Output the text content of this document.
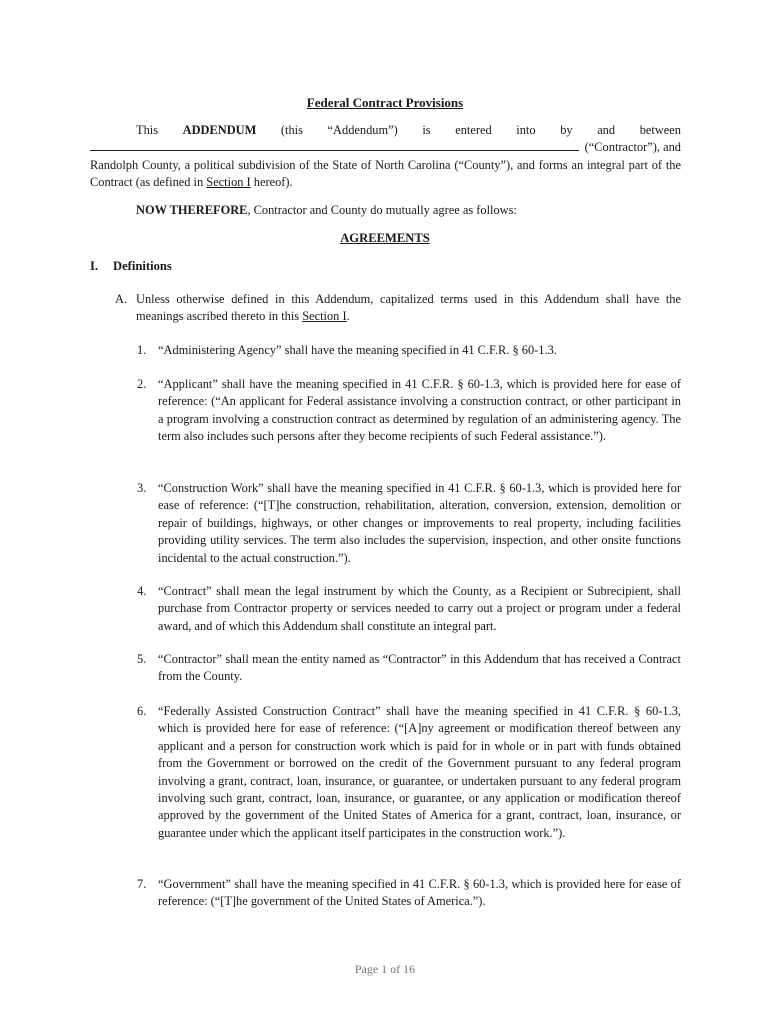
Federal Contract Provisions
This ADDENDUM (this “Addendum”) is entered into by and between
(“Contractor”), and
Randolph County, a political subdivision of the State of North Carolina (“County”), and forms an integral part of the Contract (as defined in Section I hereof).
NOW THEREFORE, Contractor and County do mutually agree as follows:
AGREEMENTS
I. Definitions
A. Unless otherwise defined in this Addendum, capitalized terms used in this Addendum shall have the meanings ascribed thereto in this Section I.
1. “Administering Agency” shall have the meaning specified in 41 C.F.R. § 60-1.3.
2. “Applicant” shall have the meaning specified in 41 C.F.R. § 60-1.3, which is provided here for ease of reference: (“An applicant for Federal assistance involving a construction contract, or other participant in a program involving a construction contract as determined by regulation of an administering agency. The term also includes such persons after they become recipients of such Federal assistance.”).
3. “Construction Work” shall have the meaning specified in 41 C.F.R. § 60-1.3, which is provided here for ease of reference: (“[T]he construction, rehabilitation, alteration, conversion, extension, demolition or repair of buildings, highways, or other changes or improvements to real property, including facilities providing utility services. The term also includes the supervision, inspection, and other onsite functions incidental to the actual construction.”).
4. “Contract” shall mean the legal instrument by which the County, as a Recipient or Subrecipient, shall purchase from Contractor property or services needed to carry out a project or program under a federal award, and of which this Addendum shall constitute an integral part.
5. “Contractor” shall mean the entity named as “Contractor” in this Addendum that has received a Contract from the County.
6. “Federally Assisted Construction Contract” shall have the meaning specified in 41 C.F.R. § 60-1.3, which is provided here for ease of reference: (“[A]ny agreement or modification thereof between any applicant and a person for construction work which is paid for in whole or in part with funds obtained from the Government or borrowed on the credit of the Government pursuant to any federal program involving a grant, contract, loan, insurance, or guarantee, or undertaken pursuant to any federal program involving such grant, contract, loan, insurance, or guarantee, or any application or modification thereof approved by the government of the United States of America for a grant, contract, loan, insurance, or guarantee under which the applicant itself participates in the construction work.”).
7. “Government” shall have the meaning specified in 41 C.F.R. § 60-1.3, which is provided here for ease of reference: (“[T]he government of the United States of America.”).
Page 1 of 16
